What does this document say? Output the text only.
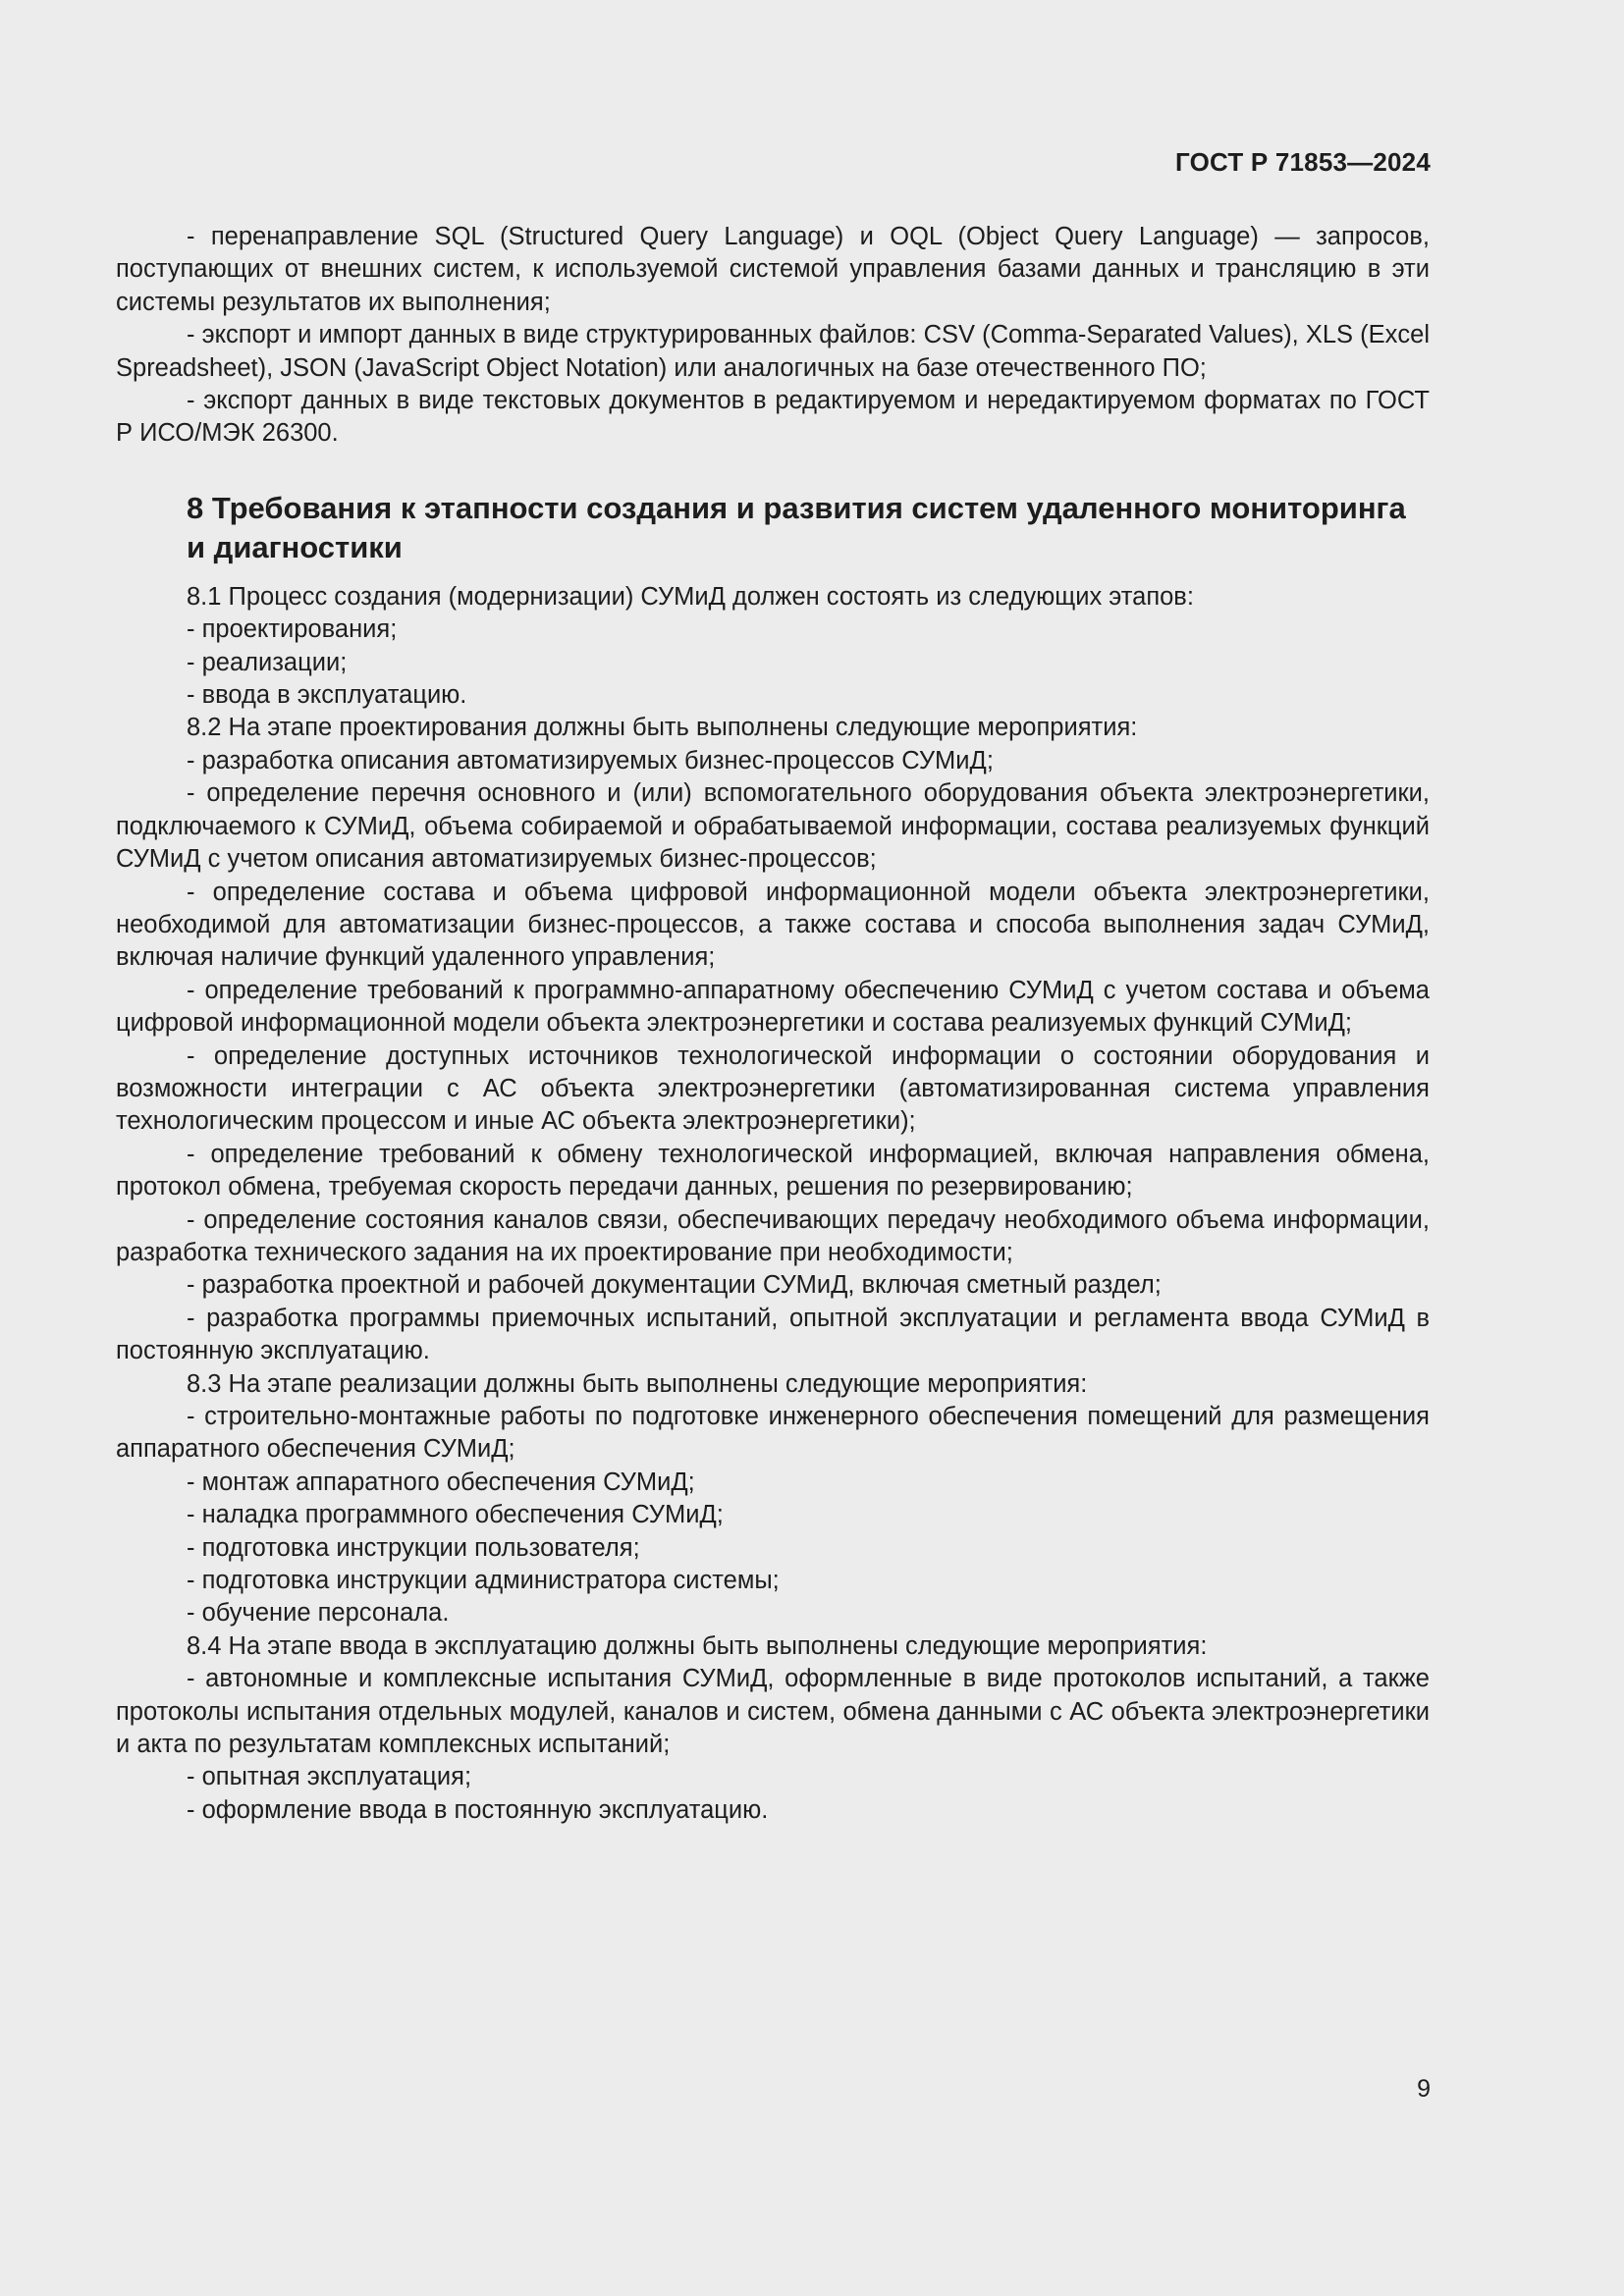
ГОСТ Р 71853—2024

- перенаправление SQL (Structured Query Language) и OQL (Object Query Language) — запросов, поступающих от внешних систем, к используемой системой управления базами данных и трансляцию в эти системы результатов их выполнения;

- экспорт и импорт данных в виде структурированных файлов: CSV (Comma-Separated Values), XLS (Excel Spreadsheet), JSON (JavaScript Object Notation) или аналогичных на базе отечественного ПО;

- экспорт данных в виде текстовых документов в редактируемом и нередактируемом форматах по ГОСТ Р ИСО/МЭК 26300.

8 Требования к этапности создания и развития систем удаленного мониторинга и диагностики

8.1 Процесс создания (модернизации) СУМиД должен состоять из следующих этапов:

- проектирования;

- реализации;

- ввода в эксплуатацию.

8.2 На этапе проектирования должны быть выполнены следующие мероприятия:

- разработка описания автоматизируемых бизнес-процессов СУМиД;

- определение перечня основного и (или) вспомогательного оборудования объекта электроэнергетики, подключаемого к СУМиД, объема собираемой и обрабатываемой информации, состава реализуемых функций СУМиД с учетом описания автоматизируемых бизнес-процессов;

- определение состава и объема цифровой информационной модели объекта электроэнергетики, необходимой для автоматизации бизнес-процессов, а также состава и способа выполнения задач СУМиД, включая наличие функций удаленного управления;

- определение требований к программно-аппаратному обеспечению СУМиД с учетом состава и объема цифровой информационной модели объекта электроэнергетики и состава реализуемых функций СУМиД;

- определение доступных источников технологической информации о состоянии оборудования и возможности интеграции с АС объекта электроэнергетики (автоматизированная система управления технологическим процессом и иные АС объекта электроэнергетики);

- определение требований к обмену технологической информацией, включая направления обмена, протокол обмена, требуемая скорость передачи данных, решения по резервированию;

- определение состояния каналов связи, обеспечивающих передачу необходимого объема информации, разработка технического задания на их проектирование при необходимости;

- разработка проектной и рабочей документации СУМиД, включая сметный раздел;

- разработка программы приемочных испытаний, опытной эксплуатации и регламента ввода СУМиД в постоянную эксплуатацию.

8.3 На этапе реализации должны быть выполнены следующие мероприятия:

- строительно-монтажные работы по подготовке инженерного обеспечения помещений для размещения аппаратного обеспечения СУМиД;

- монтаж аппаратного обеспечения СУМиД;

- наладка программного обеспечения СУМиД;

- подготовка инструкции пользователя;

- подготовка инструкции администратора системы;

- обучение персонала.

8.4 На этапе ввода в эксплуатацию должны быть выполнены следующие мероприятия:

- автономные и комплексные испытания СУМиД, оформленные в виде протоколов испытаний, а также протоколы испытания отдельных модулей, каналов и систем, обмена данными с АС объекта электроэнергетики и акта по результатам комплексных испытаний;

- опытная эксплуатация;

- оформление ввода в постоянную эксплуатацию.

9
